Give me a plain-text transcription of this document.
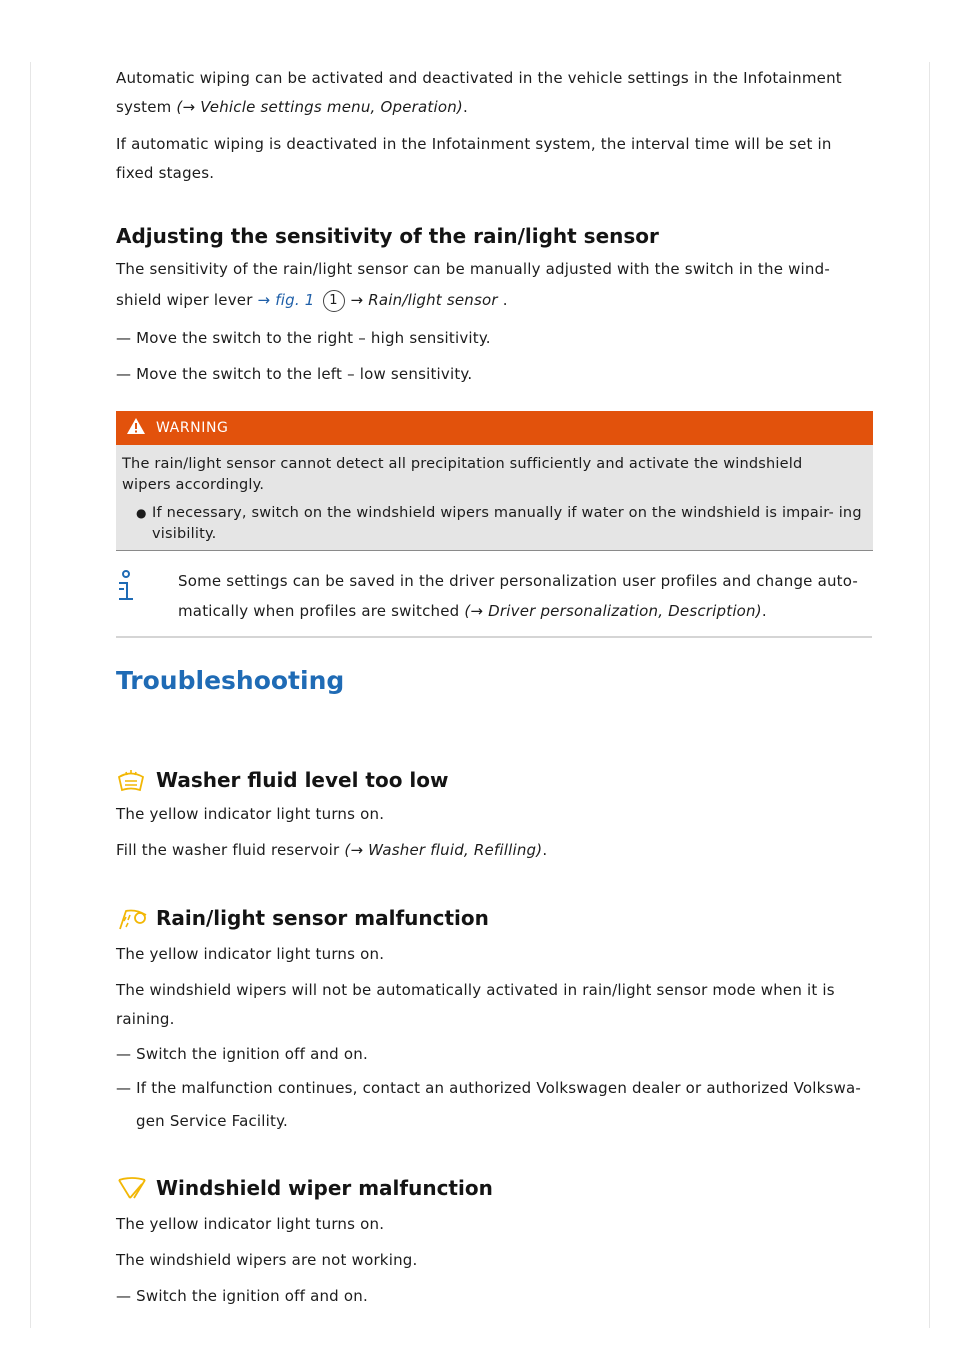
Automatic wiping can be activated and deactivated in the vehicle settings in the Infotainment system (→ Vehicle settings menu, Operation).

If automatic wiping is deactivated in the Infotainment system, the interval time will be set in fixed stages.

Adjusting the sensitivity of the rain/light sensor

The sensitivity of the rain/light sensor can be manually adjusted with the switch in the wind- shield wiper lever → fig. 1 1 → Rain/light sensor .

— Move the switch to the right – high sensitivity.

— Move the switch to the left – low sensitivity.

WARNING

The rain/light sensor cannot detect all precipitation sufficiently and activate the windshield wipers accordingly.

● If necessary, switch on the windshield wipers manually if water on the windshield is impair- ing visibility.

Some settings can be saved in the driver personalization user profiles and change auto- matically when profiles are switched (→ Driver personalization, Description).

Troubleshooting
Washer fluid level too low

The yellow indicator light turns on.

Fill the washer fluid reservoir (→ Washer fluid, Refilling).

Rain/light sensor malfunction

The yellow indicator light turns on.

The windshield wipers will not be automatically activated in rain/light sensor mode when it is raining.

— Switch the ignition off and on.

— If the malfunction continues, contact an authorized Volkswagen dealer or authorized Volkswa-

gen Service Facility.

Windshield wiper malfunction

The yellow indicator light turns on.

The windshield wipers are not working.

— Switch the ignition off and on.
